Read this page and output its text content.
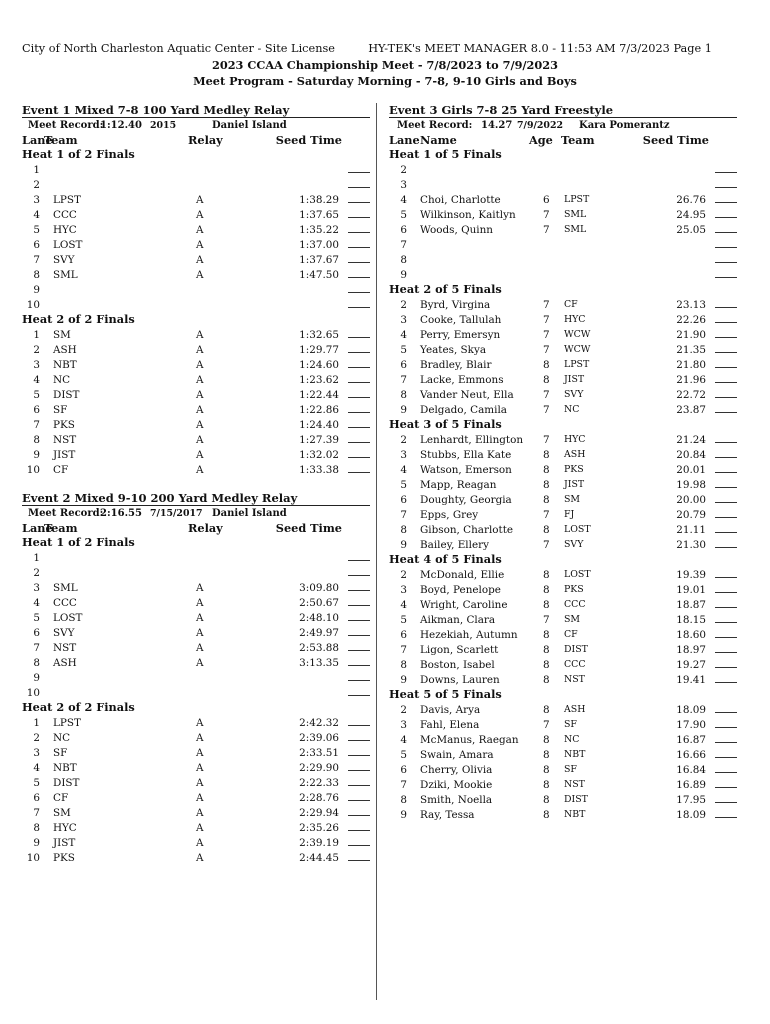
City of North Charleston Aquatic Center - Site License	HY-TEK's MEET MANAGER 8.0 - 11:53 AM 7/3/2023 Page 1
2023 CCAA Championship Meet - 7/8/2023 to 7/9/2023
Meet Program - Saturday Morning - 7-8, 9-10 Girls and Boys
Event 1 Mixed 7-8 100 Yard Medley Relay
Meet Record:
1:12.40 2015	Daniel Island
Lane
Team	Relay	Seed Time
Heat 1 of 2 Finals
1
2
3 LPST	A	1:38.29
4 CCC	A	1:37.65
5 HYC	A	1:35.22
6 LOST	A	1:37.00
7 SVY	A	1:37.67
8 SML	A	1:47.50
9
10
Heat 2 of 2 Finals
1 SM	A	1:32.65
2 ASH	A	1:29.77
3 NBT	A	1:24.60
4 NC	A	1:23.62
5 DIST	A	1:22.44
6 SF	A	1:22.86
7 PKS	A	1:24.40
8 NST	A	1:27.39
9 JIST	A	1:32.02
10 CF	A	1:33.38
Event 2 Mixed 9-10 200 Yard Medley Relay
Meet Record:
2:16.55 7/15/2017 Daniel Island
Lane
Team	Relay	Seed Time
Heat 1 of 2 Finals
1
2
3 SML	A	3:09.80
4 CCC	A	2:50.67
5 LOST	A	2:48.10
6 SVY	A	2:49.97
7 NST	A	2:53.88
8 ASH	A	3:13.35
9
10
Heat 2 of 2 Finals
1 LPST	A	2:42.32
2 NC	A	2:39.06
3 SF	A	2:33.51
4 NBT	A	2:29.90
5 DIST	A	2:22.33
6 CF	A	2:28.76
7 SM	A	2:29.94
8 HYC	A	2:35.26
9 JIST	A	2:39.19
10 PKS	A	2:44.45
Event 3 Girls 7-8 25 Yard Freestyle
Meet Record: 14.27 7/9/2022 Kara Pomerantz
Lane Name	Age Team	Seed Time
Heat 1 of 5 Finals
2
3
4 Choi, Charlotte	6 LPST	26.76
5 Wilkinson, Kaitlyn	7 SML	24.95
6 Woods, Quinn	7 SML	25.05
7
8
9
Heat 2 of 5 Finals
2 Byrd, Virgina	7 CF	23.13
3 Cooke, Tallulah	7 HYC	22.26
4 Perry, Emersyn	7 WCW	21.90
5 Yeates, Skya	7 WCW	21.35
6 Bradley, Blair	8 LPST	21.80
7 Lacke, Emmons	8 JIST	21.96
8 Vander Neut, Ella	7 SVY	22.72
9 Delgado, Camila	7 NC	23.87
Heat 3 of 5 Finals
2 Lenhardt, Ellington 7 HYC	21.24
3 Stubbs, Ella Kate	8 ASH	20.84
4 Watson, Emerson	8 PKS	20.01
5 Mapp, Reagan	8 JIST	19.98
6 Doughty, Georgia	8 SM	20.00
7 Epps, Grey	7 FJ	20.79
8 Gibson, Charlotte	8 LOST	21.11
9 Bailey, Ellery	7 SVY	21.30
Heat 4 of 5 Finals
2 McDonald, Ellie	8 LOST	19.39
3 Boyd, Penelope	8 PKS	19.01
4 Wright, Caroline	8 CCC	18.87
5 Aikman, Clara	7 SM	18.15
6 Hezekiah, Autumn 8 CF	18.60
7 Ligon, Scarlett	8 DIST	18.97
8 Boston, Isabel	8 CCC	19.27
9 Downs, Lauren	8 NST	19.41
Heat 5 of 5 Finals
2 Davis, Arya	8 ASH	18.09
3 Fahl, Elena	7 SF	17.90
4 McManus, Raegan 8 NC	16.87
5 Swain, Amara	8 NBT	16.66
6 Cherry, Olivia	8 SF	16.84
7 Dziki, Mookie	8 NST	16.89
8 Smith, Noella	8 DIST	17.95
9 Ray, Tessa	8 NBT	18.09
